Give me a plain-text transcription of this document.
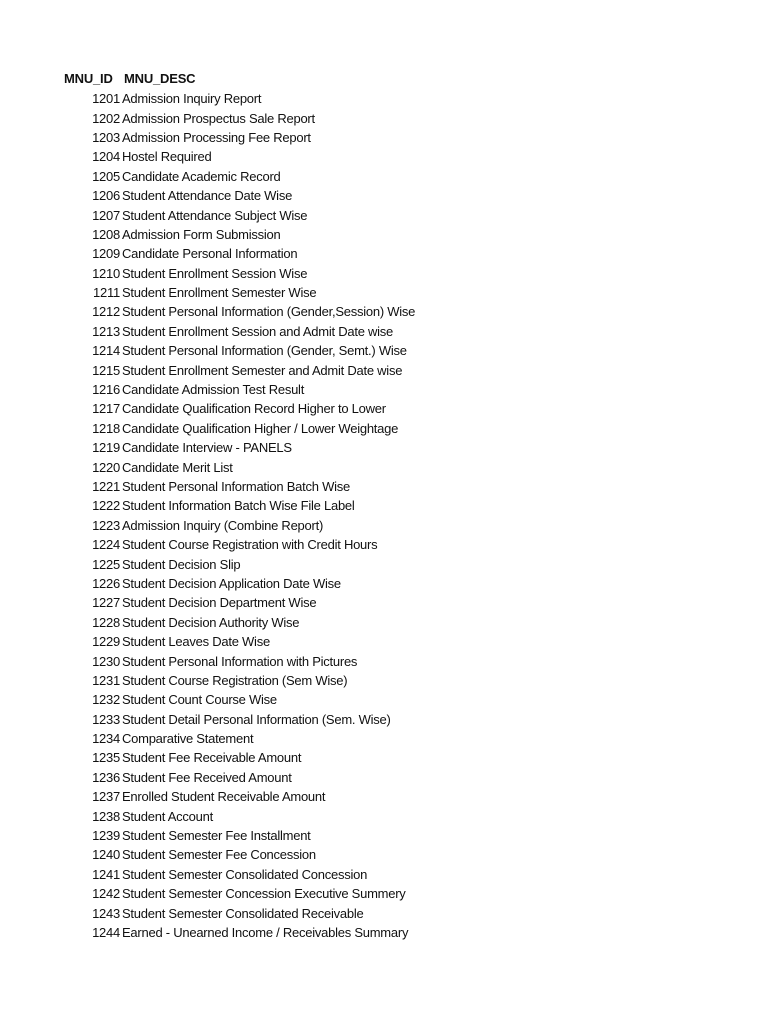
MNU_ID MNU_DESC
1201 Admission Inquiry Report
1202 Admission Prospectus Sale Report
1203 Admission Processing Fee Report
1204 Hostel Required
1205 Candidate Academic Record
1206 Student Attendance Date Wise
1207 Student Attendance Subject Wise
1208 Admission Form Submission
1209 Candidate Personal Information
1210 Student Enrollment Session Wise
1211 Student Enrollment Semester Wise
1212 Student Personal Information (Gender,Session) Wise
1213 Student Enrollment Session and Admit Date wise
1214 Student Personal Information (Gender, Semt.) Wise
1215 Student Enrollment Semester and Admit Date wise
1216 Candidate Admission Test Result
1217 Candidate Qualification Record Higher to Lower
1218 Candidate Qualification Higher / Lower Weightage
1219 Candidate Interview - PANELS
1220 Candidate Merit List
1221 Student Personal Information Batch Wise
1222 Student Information Batch Wise File Label
1223 Admission Inquiry (Combine Report)
1224 Student Course Registration with Credit Hours
1225 Student Decision Slip
1226 Student Decision Application Date Wise
1227 Student Decision Department Wise
1228 Student Decision Authority Wise
1229 Student Leaves Date Wise
1230 Student Personal Information with Pictures
1231 Student Course Registration (Sem Wise)
1232 Student Count Course Wise
1233 Student Detail Personal Information (Sem. Wise)
1234 Comparative Statement
1235 Student Fee Receivable Amount
1236 Student Fee Received Amount
1237 Enrolled Student Receivable Amount
1238 Student Account
1239 Student Semester Fee Installment
1240 Student Semester Fee Concession
1241 Student Semester Consolidated Concession
1242 Student Semester Concession Executive Summery
1243 Student Semester Consolidated Receivable
1244 Earned - Unearned Income / Receivables Summary
